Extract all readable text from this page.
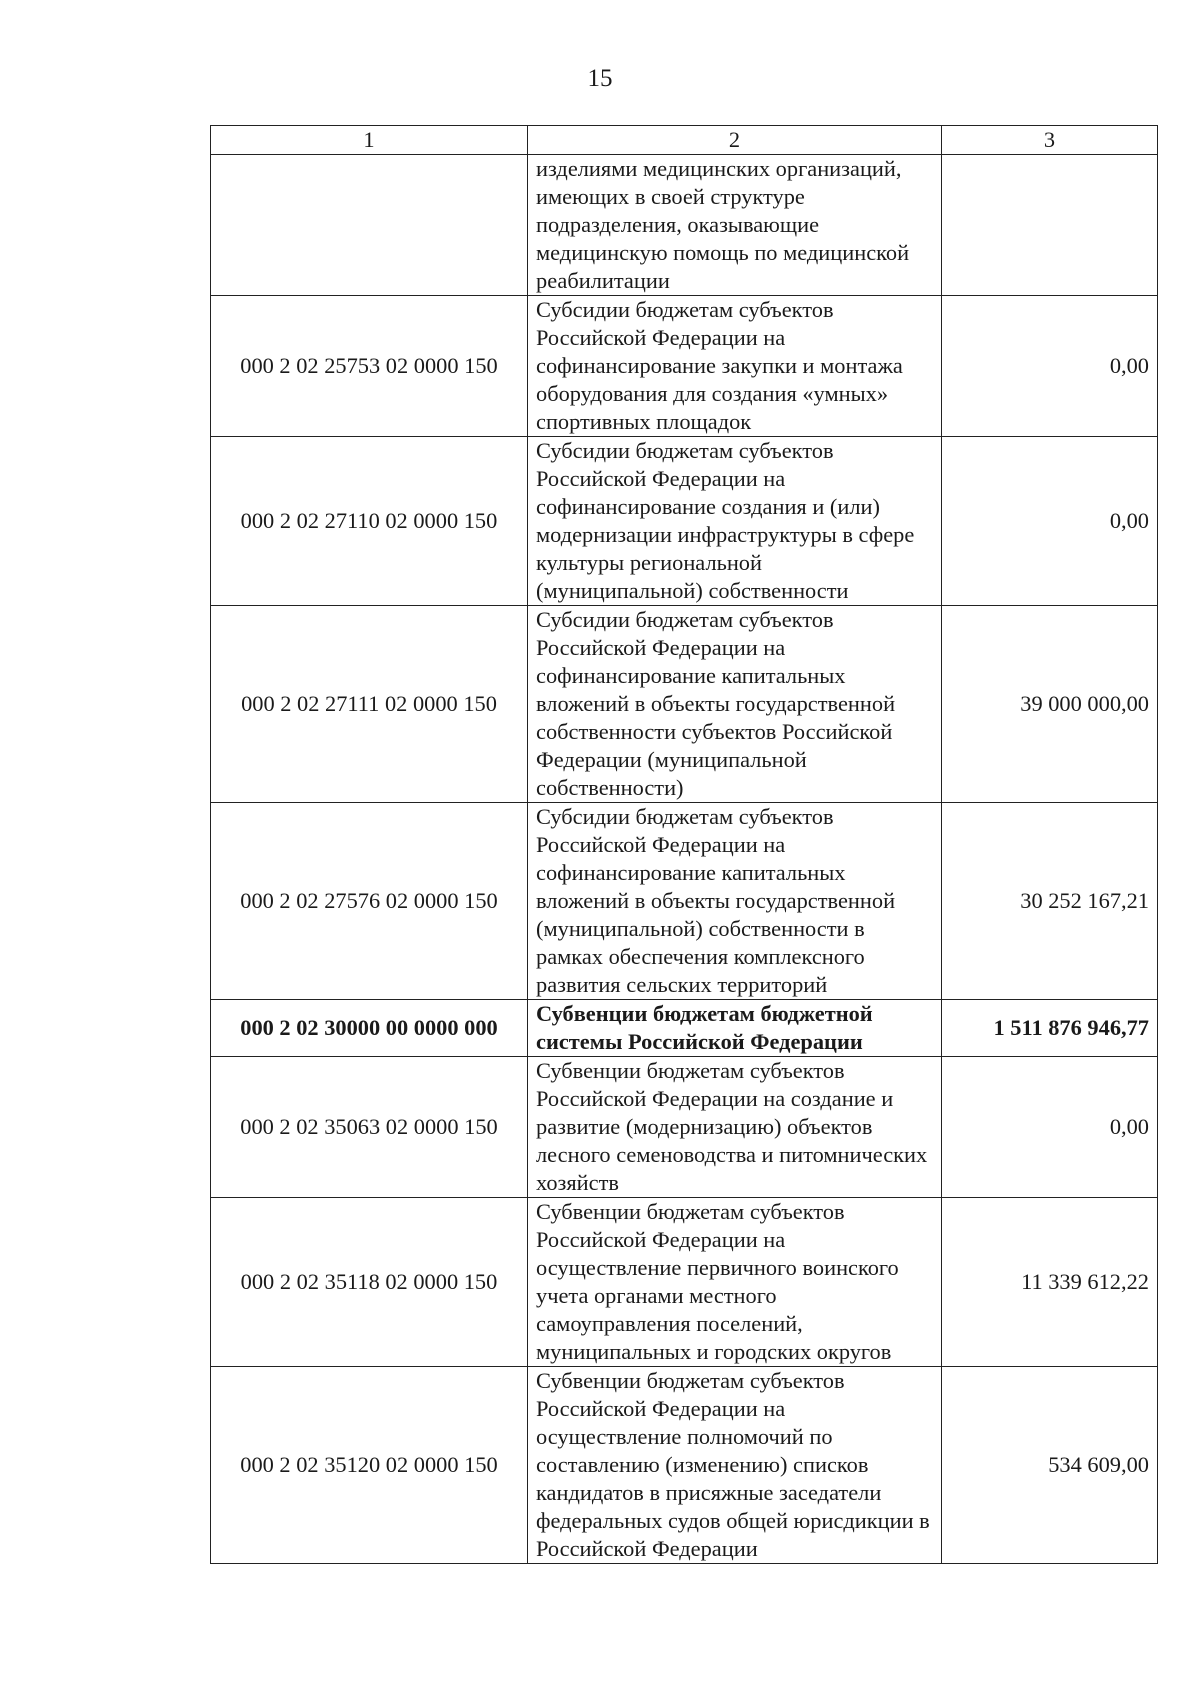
15
1	2	3
	изделиями медицинских организаций, имеющих в своей структуре подразделения, оказывающие медицинскую помощь по медицинской реабилитации	
000 2 02 25753 02 0000 150	Субсидии бюджетам субъектов Российской Федерации на софинансирование закупки и монтажа оборудования для создания «умных» спортивных площадок	0,00
000 2 02 27110 02 0000 150	Субсидии бюджетам субъектов Российской Федерации на софинансирование создания и (или) модернизации инфраструктуры в сфере культуры региональной (муниципальной) собственности	0,00
000 2 02 27111 02 0000 150	Субсидии бюджетам субъектов Российской Федерации на софинансирование капитальных вложений в объекты государственной собственности субъектов Российской Федерации (муниципальной собственности)	39 000 000,00
000 2 02 27576 02 0000 150	Субсидии бюджетам субъектов Российской Федерации на софинансирование капитальных вложений в объекты государственной (муниципальной) собственности в рамках обеспечения комплексного развития сельских территорий	30 252 167,21
000 2 02 30000 00 0000 000	Субвенции бюджетам бюджетной системы Российской Федерации	1 511 876 946,77
000 2 02 35063 02 0000 150	Субвенции бюджетам субъектов Российской Федерации на создание и развитие (модернизацию) объектов лесного семеноводства и питомнических хозяйств	0,00
000 2 02 35118 02 0000 150	Субвенции бюджетам субъектов Российской Федерации на осуществление первичного воинского учета органами местного самоуправления поселений, муниципальных и городских округов	11 339 612,22
000 2 02 35120 02 0000 150	Субвенции бюджетам субъектов Российской Федерации на осуществление полномочий по составлению (изменению) списков кандидатов в присяжные заседатели федеральных судов общей юрисдикции в Российской Федерации	534 609,00
